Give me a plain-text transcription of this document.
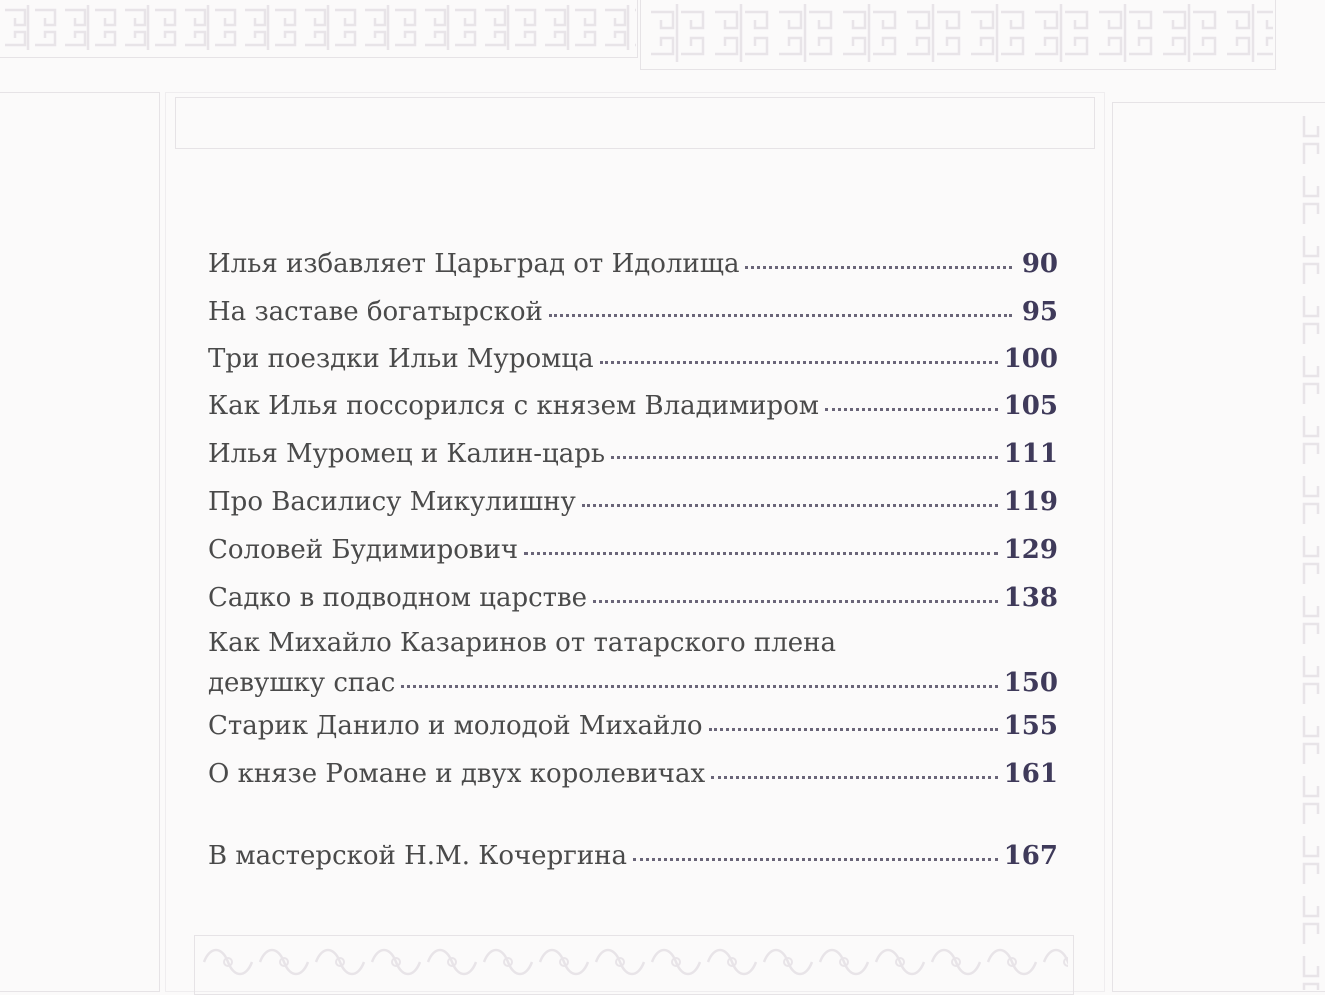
Илья избавляет Царьград от Идолища	90
На заставе богатырской	95
Три поездки Ильи Муромца	100
Как Илья поссорился с князем Владимиром	105
Илья Муромец и Калин-царь	111
Про Василису Микулишну	119
Соловей Будимирович	129
Садко в подводном царстве	138
Как Михайло Казаринов от татарского плена
девушку спас	150
Старик Данило и молодой Михайло	155
О князе Романе и двух королевичах	161
В мастерской Н.М. Кочергина	167
